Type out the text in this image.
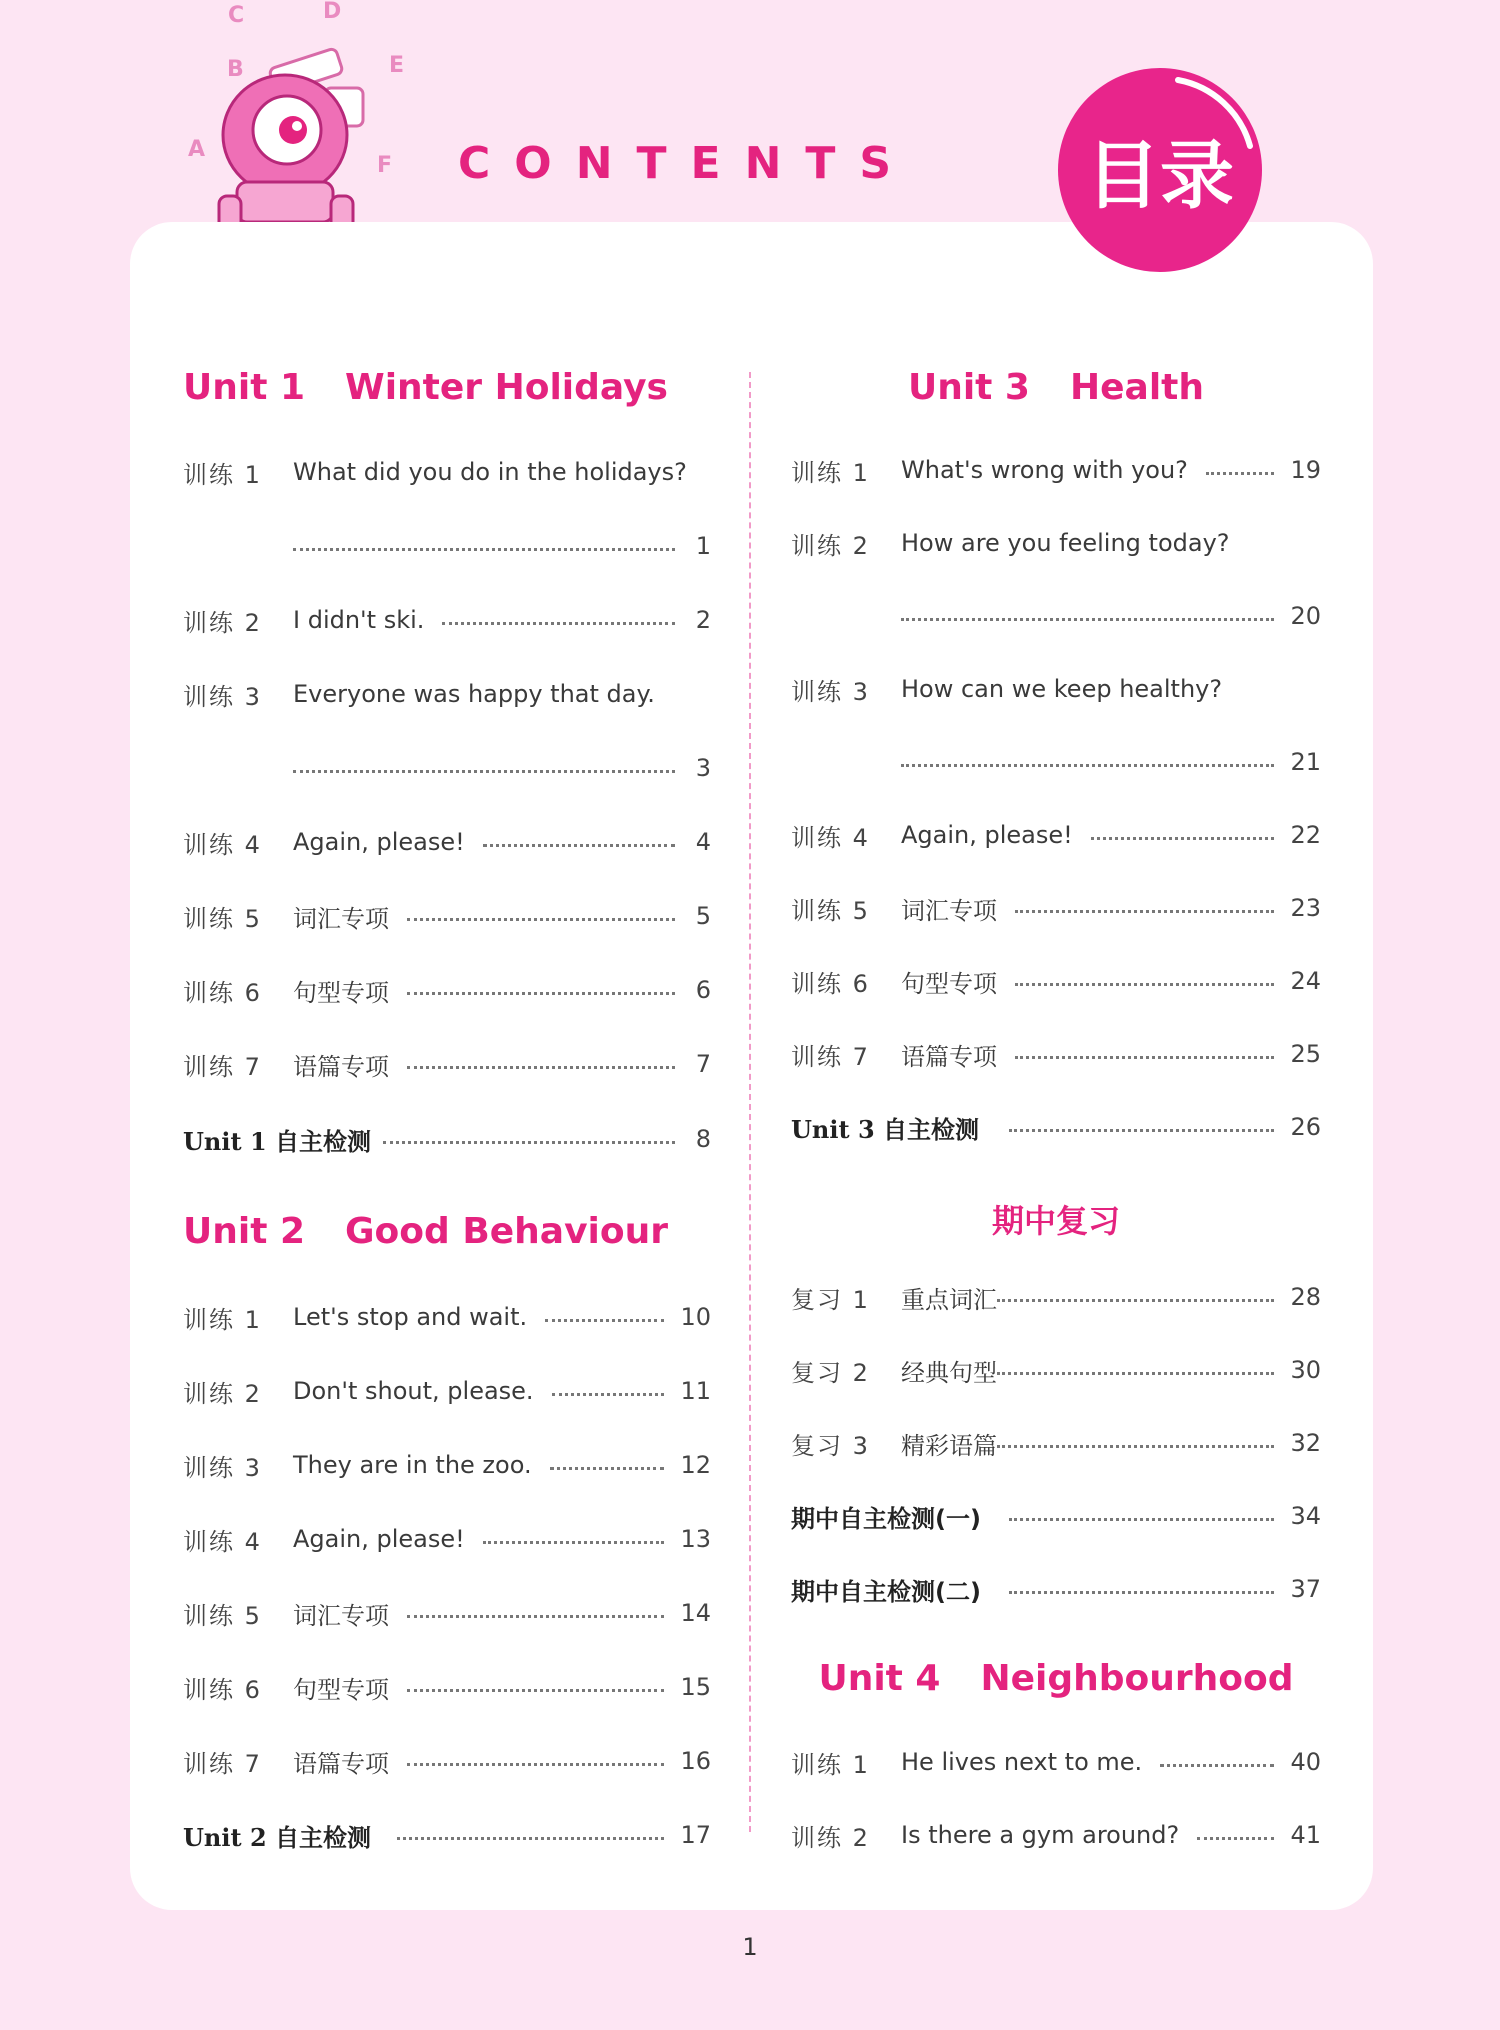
C	D
B	E
A
F CONTENTS	目录
Unit 1 Winter Holidays
训练 1	What did you do in the holidays?
1
训练 2	I didn't ski.	2
训练 3	Everyone was happy that day.
3
训练 4	Again, please!	4
训练 5	词汇专项	5
训练 6	句型专项	6
训练 7	语篇专项	7
Unit 1 自主检测	8
Unit 2 Good Behaviour
训练 1	Let's stop and wait.	10
训练 2	Don't shout, please.	11
训练 3	They are in the zoo.	12
训练 4	Again, please!	13
训练 5	词汇专项	14
训练 6	句型专项	15
训练 7	语篇专项	16
Unit 2 自主检测	17
Unit 3 Health
训练 1	What's wrong with you?	19
训练 2	How are you feeling today?
20
训练 3	How can we keep healthy?
21
训练 4	Again, please!	22
训练 5	词汇专项	23
训练 6	句型专项	24
训练 7	语篇专项	25
Unit 3 自主检测	26
期中复习
复习 1	重点词汇	28
复习 2	经典句型	30
复习 3	精彩语篇	32
期中自主检测(一)	34
期中自主检测(二)	37
Unit 4 Neighbourhood
训练 1	He lives next to me.	40
训练 2	Is there a gym around?	41
1
